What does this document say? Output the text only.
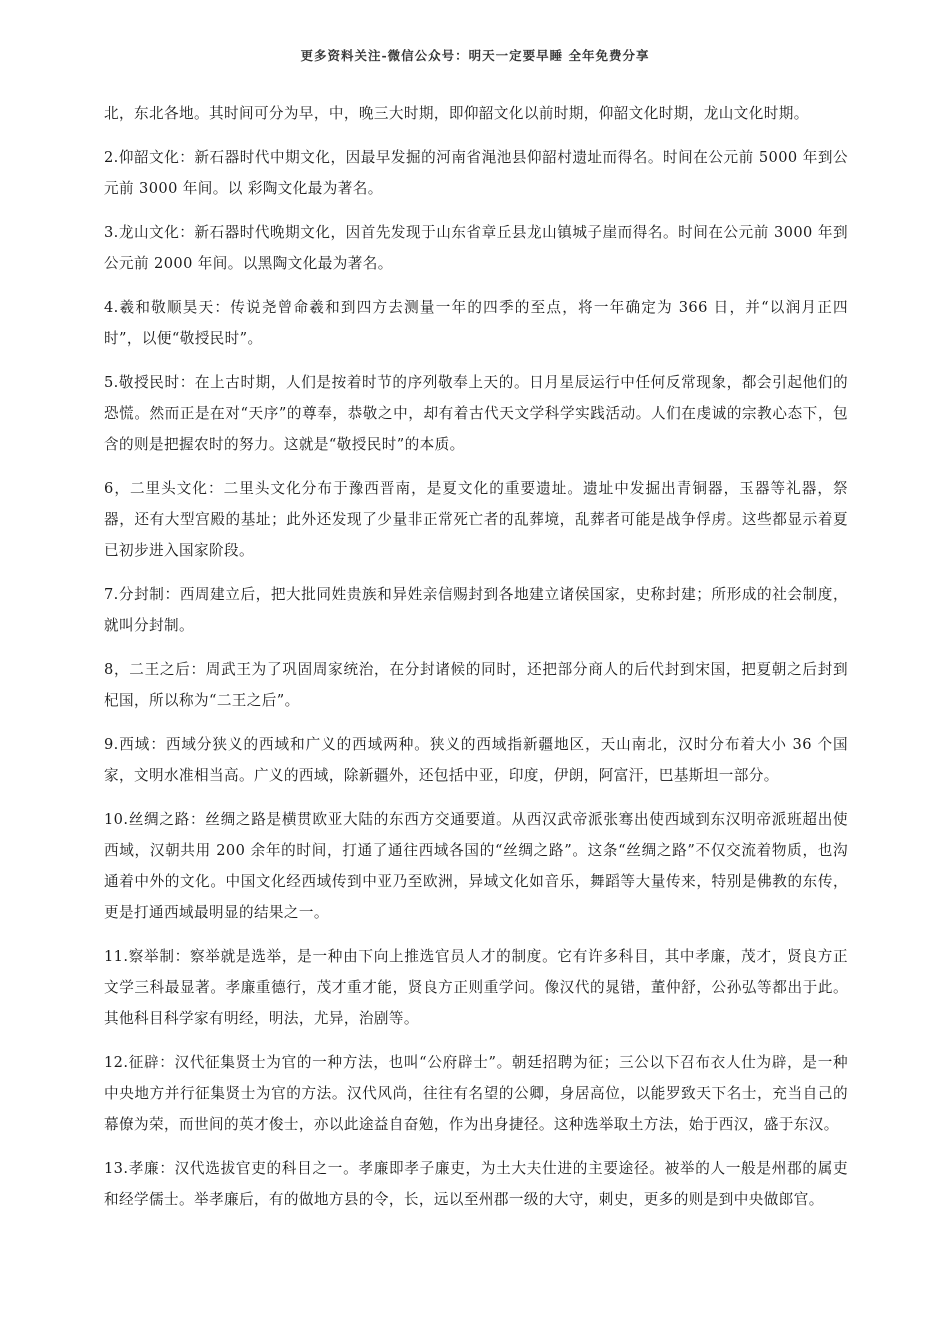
更多资料关注-微信公众号：明天一定要早睡 全年免费分享

北，东北各地。其时间可分为早，中，晚三大时期，即仰韶文化以前时期，仰韶文化时期，龙山文化时期。

2.仰韶文化：新石器时代中期文化，因最早发掘的河南省渑池县仰韶村遗址而得名。时间在公元前 5000 年到公元前 3000 年间。以 彩陶文化最为著名。

3.龙山文化：新石器时代晚期文化，因首先发现于山东省章丘县龙山镇城子崖而得名。时间在公元前 3000 年到公元前 2000 年间。以黑陶文化最为著名。

4.羲和敬顺昊天：传说尧曾命羲和到四方去测量一年的四季的至点，将一年确定为 366 日，并“以润月正四时”，以便“敬授民时”。

5.敬授民时：在上古时期，人们是按着时节的序列敬奉上天的。日月星辰运行中任何反常现象，都会引起他们的恐慌。然而正是在对“天序”的尊奉，恭敬之中，却有着古代天文学科学实践活动。人们在虔诚的宗教心态下，包含的则是把握农时的努力。这就是“敬授民时”的本质。

6，二里头文化：二里头文化分布于豫西晋南，是夏文化的重要遗址。遗址中发掘出青铜器，玉器等礼器，祭器，还有大型宫殿的基址；此外还发现了少量非正常死亡者的乱葬境，乱葬者可能是战争俘虏。这些都显示着夏已初步进入国家阶段。

7.分封制：西周建立后，把大批同姓贵族和异姓亲信赐封到各地建立诸侯国家，史称封建；所形成的社会制度，就叫分封制。

8，二王之后：周武王为了巩固周家统治，在分封诸候的同时，还把部分商人的后代封到宋国，把夏朝之后封到杞国，所以称为“二王之后”。

9.西域：西域分狭义的西域和广义的西域两种。狭义的西域指新疆地区，天山南北，汉时分布着大小 36 个国家，文明水准相当高。广义的西域，除新疆外，还包括中亚，印度，伊朗，阿富汗，巴基斯坦一部分。

10.丝绸之路：丝绸之路是横贯欧亚大陆的东西方交通要道。从西汉武帝派张骞出使西域到东汉明帝派班超出使西域，汉朝共用 200 余年的时间，打通了通往西域各国的“丝绸之路”。这条“丝绸之路”不仅交流着物质，也沟通着中外的文化。中国文化经西域传到中亚乃至欧洲，异域文化如音乐，舞蹈等大量传来，特别是佛教的东传，更是打通西域最明显的结果之一。

11.察举制：察举就是选举，是一种由下向上推选官员人才的制度。它有许多科目，其中孝廉，茂才，贤良方正文学三科最显著。孝廉重德行，茂才重才能，贤良方正则重学问。像汉代的晁错，董仲舒，公孙弘等都出于此。其他科目科学家有明经，明法，尤异，治剧等。

12.征辟：汉代征集贤士为官的一种方法，也叫“公府辟士”。朝廷招聘为征；三公以下召布衣人仕为辟，是一种中央地方并行征集贤士为官的方法。汉代风尚，往往有名望的公卿，身居高位，以能罗致天下名士，充当自己的幕僚为荣，而世间的英才俊士，亦以此途益自奋勉，作为出身捷径。这种选举取土方法，始于西汉，盛于东汉。

13.孝廉：汉代选拔官吏的科目之一。孝廉即孝子廉吏，为土大夫仕进的主要途径。被举的人一般是州郡的属吏和经学儒士。举孝廉后，有的做地方县的令，长，远以至州郡一级的大守，刺史，更多的则是到中央做郎官。
